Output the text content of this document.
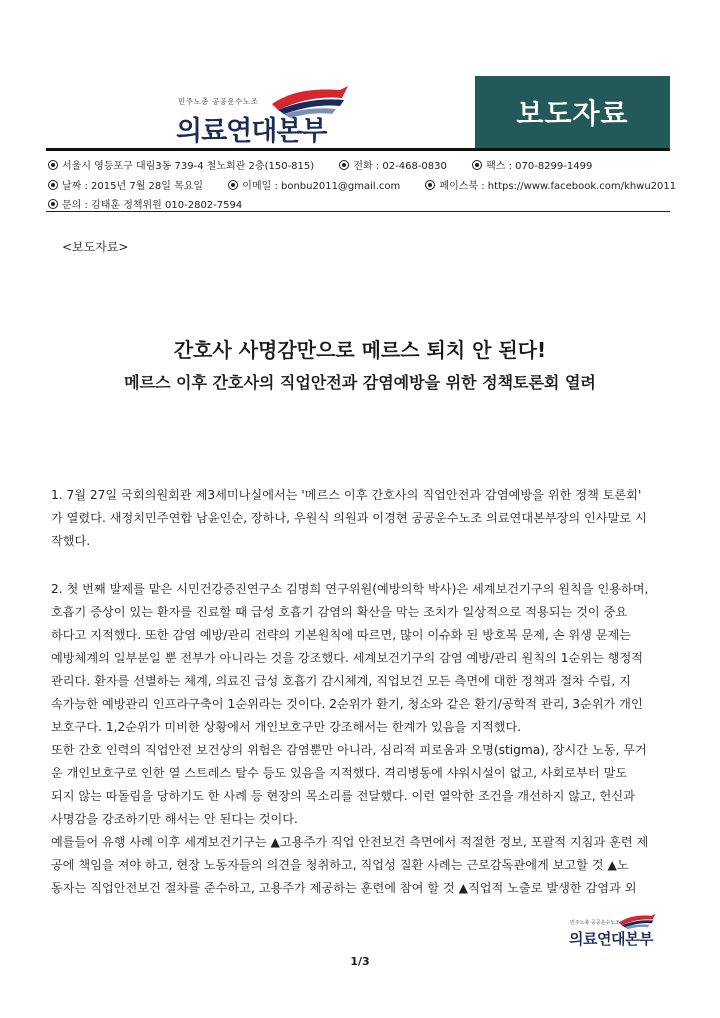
민주노총 공공운수노조
의료연대본부
보도자료
서울시 영등포구 대림3동 739-4 철노회관 2층(150-815)	전화 : 02-468-0830	팩스 : 070-8299-1499
날짜 : 2015년 7월 28일 목요일	이메일 : bonbu2011@gmail.com	페이스북 : https://www.facebook.com/khwu2011
문의 : 김태훈 정책위원 010-2802-7594
<보도자료>
간호사 사명감만으로 메르스 퇴치 안 된다!
메르스 이후 간호사의 직업안전과 감염예방을 위한 정책토론회 열려

1. 7월 27일 국회의원회관 제3세미나실에서는 '메르스 이후 간호사의 직업안전과 감염예방을 위한 정책 토론회'

가 열렸다. 새정치민주연합 남윤인순, 장하나, 우원식 의원과 이경현 공공운수노조 의료연대본부장의 인사말로 시

작했다.

2. 첫 번째 발제를 맡은 시민건강증진연구소 김명희 연구위원(예방의학 박사)은 세계보건기구의 원칙을 인용하며,

호흡기 증상이 있는 환자를 진료할 때 급성 호흡기 감염의 확산을 막는 조치가 일상적으로 적용되는 것이 중요

하다고 지적했다. 또한 감염 예방/관리 전략의 기본원칙에 따르면, 많이 이슈화 된 방호복 문제, 손 위생 문제는

예방체계의 일부분일 뿐 전부가 아니라는 것을 강조했다. 세계보건기구의 감염 예방/관리 원칙의 1순위는 행정적

관리다. 환자를 선별하는 체계, 의료진 급성 호흡기 감시체계, 직업보건 모든 측면에 대한 정책과 절차 수립, 지

속가능한 예방관리 인프라구축이 1순위라는 것이다. 2순위가 환기, 청소와 같은 환기/공학적 관리, 3순위가 개인

보호구다. 1,2순위가 미비한 상황에서 개인보호구만 강조해서는 한계가 있음을 지적했다.

또한 간호 인력의 직업안전 보건상의 위험은 감염뿐만 아니라, 심리적 피로움과 오명(stigma), 장시간 노동, 무거

운 개인보호구로 인한 열 스트레스 탈수 등도 있음을 지적했다. 격리병동에 샤워시설이 없고, 사회로부터 말도

되지 않는 따돌림을 당하기도 한 사례 등 현장의 목소리를 전달했다. 이런 열악한 조건을 개선하지 않고, 헌신과

사명감을 강조하기만 해서는 안 된다는 것이다.

예를들어 유행 사례 이후 세계보건기구는 ▲고용주가 직업 안전보건 측면에서 적절한 정보, 포괄적 지침과 훈련 제

공에 책임을 져야 하고, 현장 노동자들의 의견을 청취하고, 직업성 질환 사례는 근로감독관에게 보고할 것 ▲노

동자는 직업안전보건 절차를 준수하고, 고용주가 제공하는 훈련에 참여 할 것 ▲직업적 노출로 발생한 감염과 외

민주노총 공공운수노조
의료연대본부
1/3
